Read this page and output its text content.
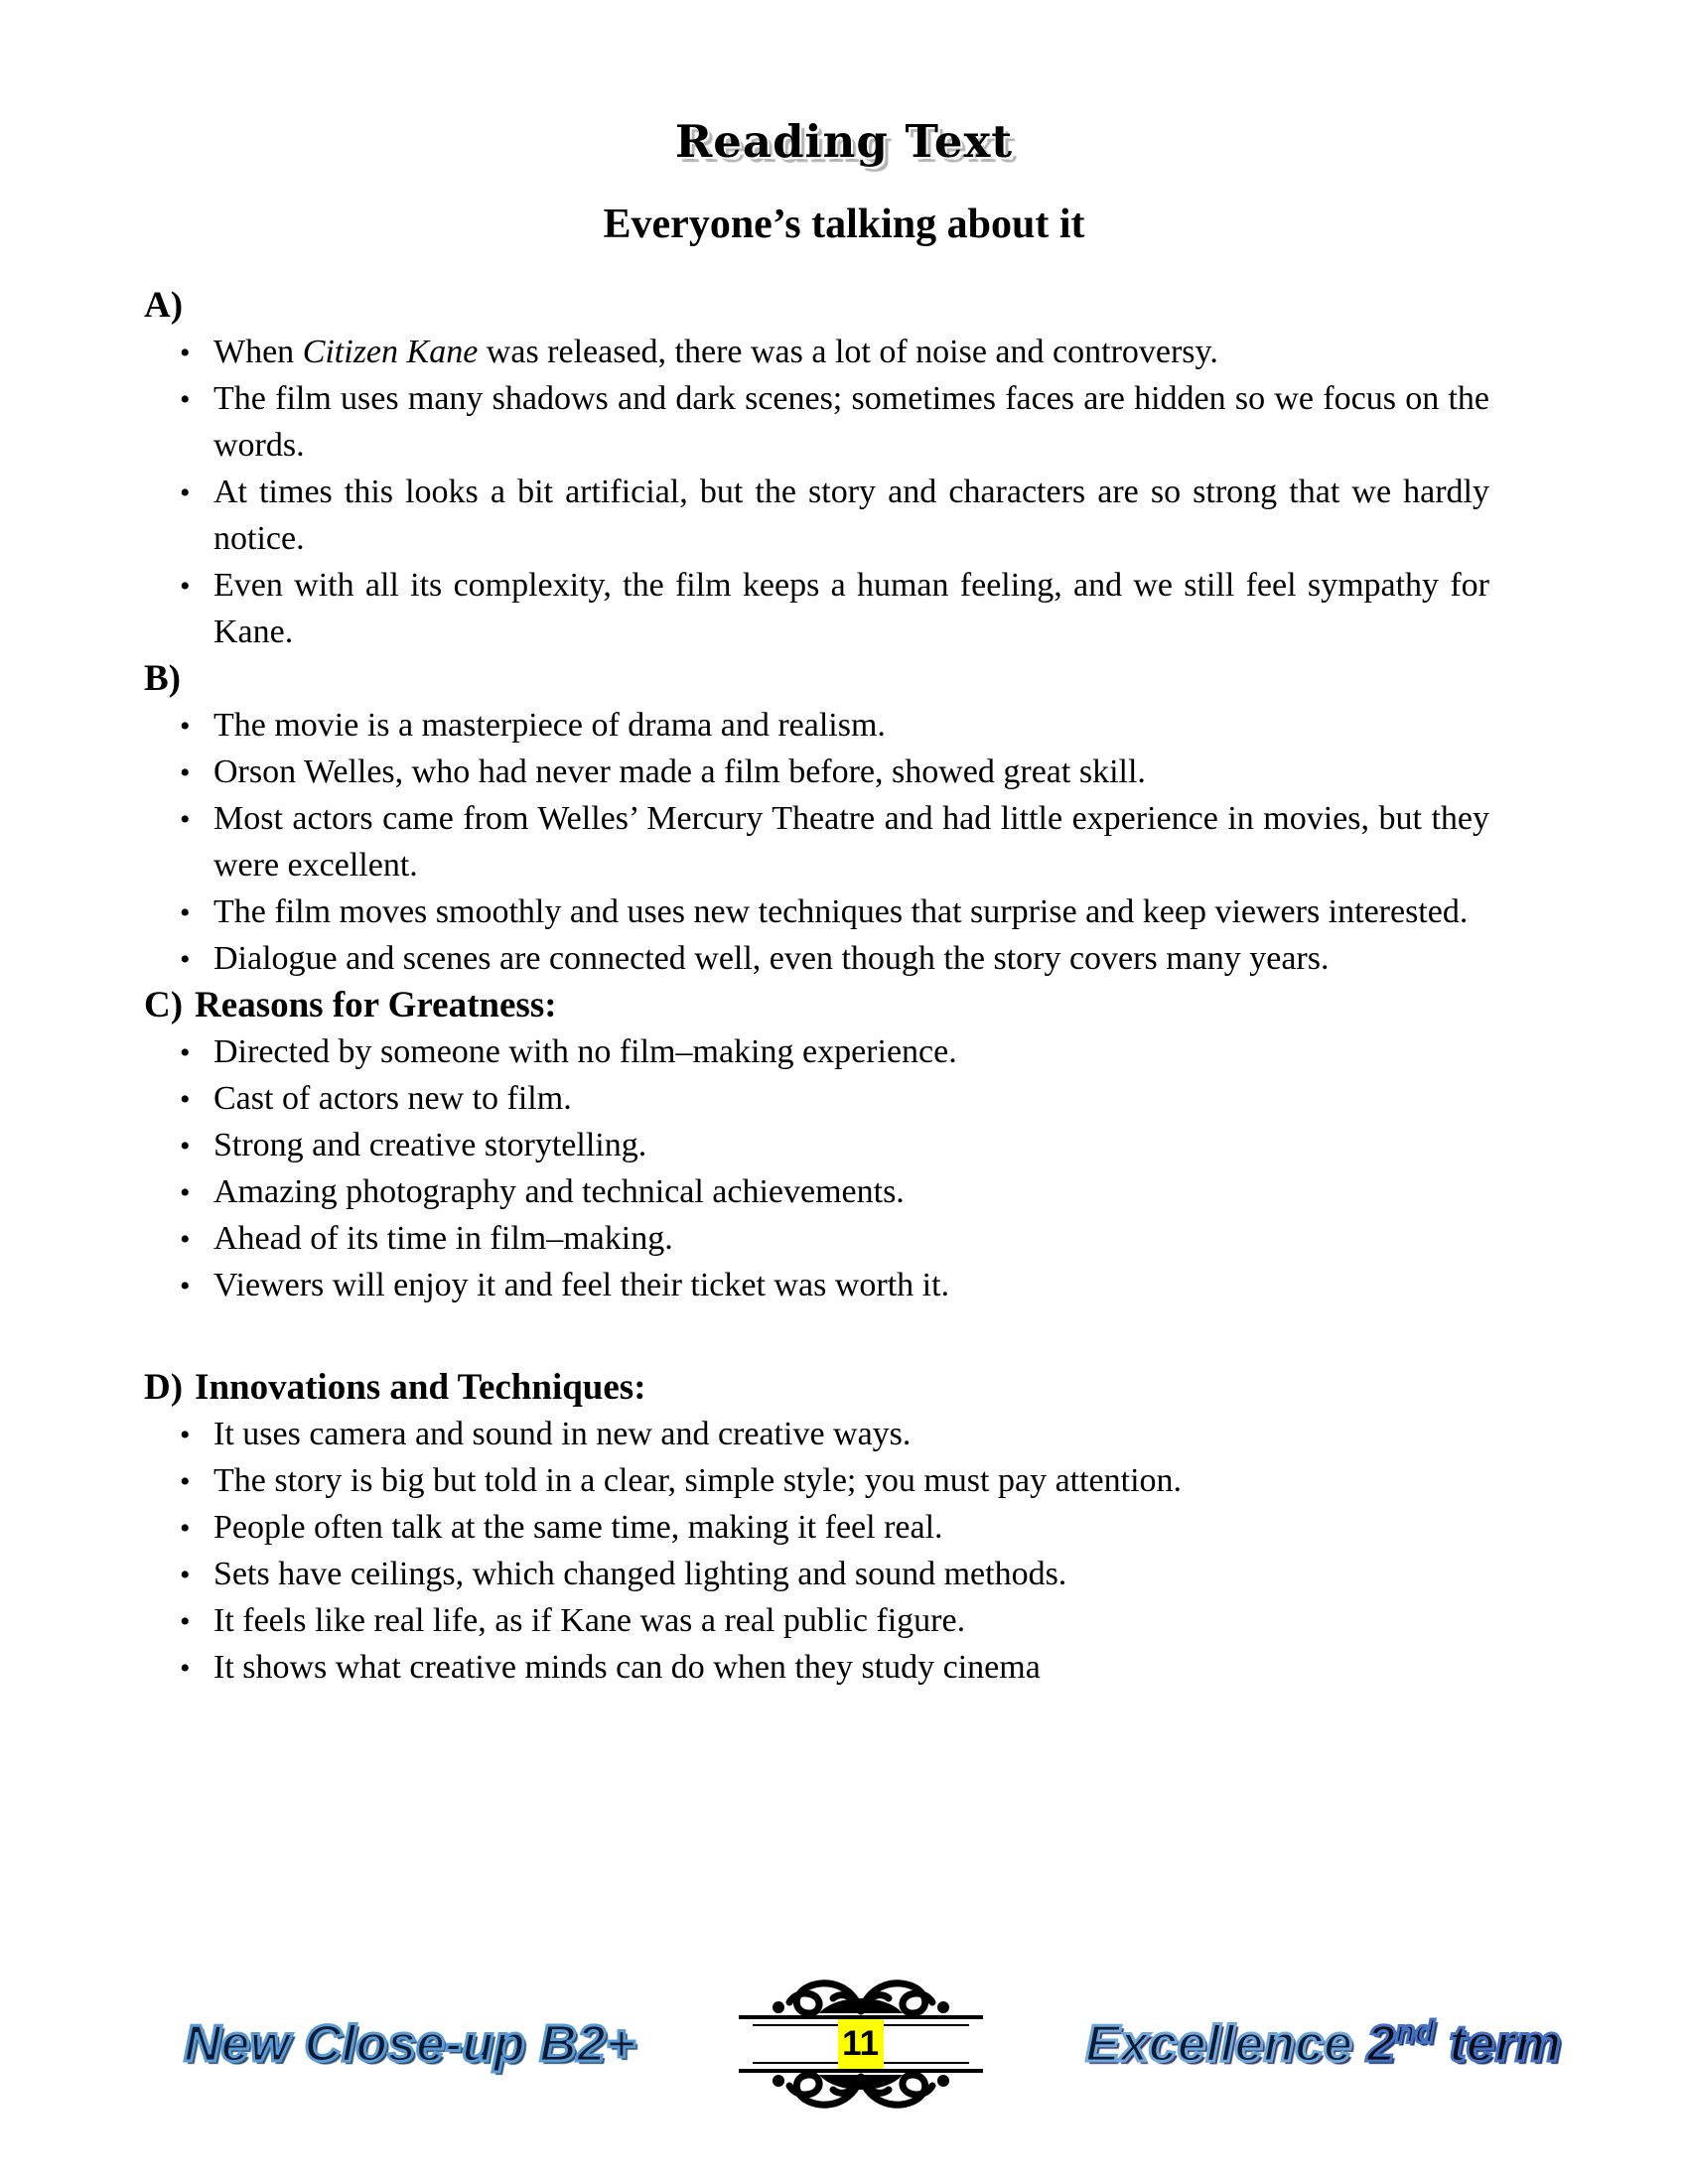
Reading Text
Everyone’s talking about it
A)
• When Citizen Kane was released, there was a lot of noise and controversy.
• The film uses many shadows and dark scenes; sometimes faces are hidden so we focus on the words.
• At times this looks a bit artificial, but the story and characters are so strong that we hardly notice.
• Even with all its complexity, the film keeps a human feeling, and we still feel sympathy for Kane.
B)
• The movie is a masterpiece of drama and realism.
• Orson Welles, who had never made a film before, showed great skill.
• Most actors came from Welles’ Mercury Theatre and had little experience in movies, but they were excellent.
• The film moves smoothly and uses new techniques that surprise and keep viewers interested.
• Dialogue and scenes are connected well, even though the story covers many years.
C) Reasons for Greatness:
• Directed by someone with no film–making experience.
• Cast of actors new to film.
• Strong and creative storytelling.
• Amazing photography and technical achievements.
• Ahead of its time in film–making.
• Viewers will enjoy it and feel their ticket was worth it.
D) Innovations and Techniques:
• It uses camera and sound in new and creative ways.
• The story is big but told in a clear, simple style; you must pay attention.
• People often talk at the same time, making it feel real.
• Sets have ceilings, which changed lighting and sound methods.
• It feels like real life, as if Kane was a real public figure.
• It shows what creative minds can do when they study cinema
New Close-up B2+	11	Excellence 2nd term
